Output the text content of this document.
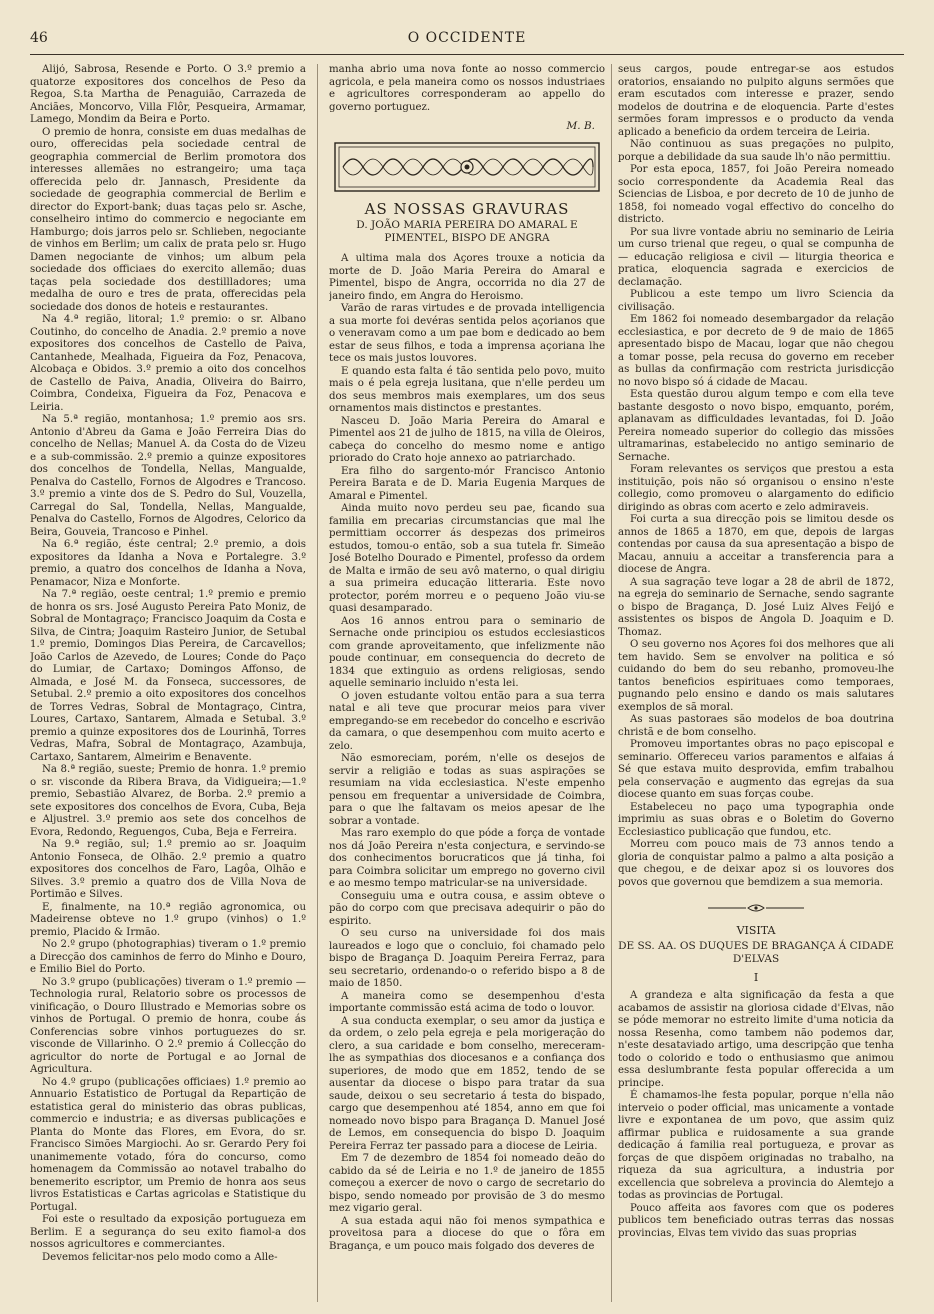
46	O OCCIDENTE

Alijó, Sabrosa, Resende e Porto. O 3.º premio a quatorze expositores dos concelhos de Peso da Regoa, S.ta Martha de Penaguião, Carrazeda de Anciães, Moncorvo, Villa Flôr, Pesqueira, Armamar, Lamego, Mondim da Beira e Porto.

O premio de honra, consiste em duas medalhas de ouro, offerecidas pela sociedade central de geographia commercial de Berlim promotora dos interesses allemães no estrangeiro; uma taça offerecida pelo dr. Jannasch, Presidente da sociedade de geographia commercial de Berlim e director do Export-bank; duas taças pelo sr. Asche, conselheiro intimo do commercio e negociante em Hamburgo; dois jarros pelo sr. Schlieben, negociante de vinhos em Berlim; um calix de prata pelo sr. Hugo Damen negociante de vinhos; um album pela sociedade dos officiaes do exercito allemão; duas taças pela sociedade dos destillladores; uma medalha de ouro e tres de prata, offerecidas pela sociedade dos donos de hoteis e restaurantes.

Na 4.ª região, litoral; 1.º premio: o sr. Albano Coutinho, do concelho de Anadia. 2.º premio a nove expositores dos concelhos de Castello de Paiva, Cantanhede, Mealhada, Figueira da Foz, Penacova, Alcobaça e Obidos. 3.º premio a oito dos concelhos de Castello de Paiva, Anadia, Oliveira do Bairro, Coimbra, Condeixa, Figueira da Foz, Penacova e Leiria.

Na 5.ª região, montanhosa; 1.º premio aos srs. Antonio d'Abreu da Gama e João Ferreira Dias do concelho de Nellas; Manuel A. da Costa do de Vizeu e a sub-commissão. 2.º premio a quinze expositores dos concelhos de Tondella, Nellas, Mangualde, Penalva do Castello, Fornos de Algodres e Trancoso. 3.º premio a vinte dos de S. Pedro do Sul, Vouzella, Carregal do Sal, Tondella, Nellas, Mangualde, Penalva do Castello, Fornos de Algodres, Celorico da Beira, Gouveia, Trancoso e Pinhel.

Na 6.ª região, éste central; 2.º premio, a dois expositores da Idanha a Nova e Portalegre. 3.º premio, a quatro dos concelhos de Idanha a Nova, Penamacor, Niza e Monforte.

Na 7.ª região, oeste central; 1.º premio e premio de honra os srs. José Augusto Pereira Pato Moniz, de Sobral de Montagraço; Francisco Joaquim da Costa e Silva, de Cintra; Joaquim Rasteiro Junior, de Setubal 1.º premio, Domingos Dias Pereira, de Carcavellos; João Carlos de Azevedo, de Loures; Conde do Paço do Lumiar, de Cartaxo; Domingos Affonso, de Almada, e José M. da Fonseca, successores, de Setubal. 2.º premio a oito expositores dos concelhos de Torres Vedras, Sobral de Montagraço, Cintra, Loures, Cartaxo, Santarem, Almada e Setubal. 3.º premio a quinze expositores dos de Lourinhã, Torres Vedras, Mafra, Sobral de Montagraço, Azambuja, Cartaxo, Santarem, Almeirim e Benavente.

Na 8.ª região, sueste; Premio de honra. 1.º premio o sr. visconde da Ribera Brava, da Vidigueira;—1.º premio, Sebastião Alvarez, de Borba. 2.º premio a sete expositores dos concelhos de Evora, Cuba, Beja e Aljustrel. 3.º premio aos sete dos concelhos de Evora, Redondo, Reguengos, Cuba, Beja e Ferreira.

Na 9.ª região, sul; 1.º premio ao sr. Joaquim Antonio Fonseca, de Olhão. 2.º premio a quatro expositores dos concelhos de Faro, Lagôa, Olhão e Silves. 3.º premio a quatro dos de Villa Nova de Portimão e Silves.

E, finalmente, na 10.ª região agronomica, ou Madeirense obteve no 1.º grupo (vinhos) o 1.º premio, Placido & Irmão.

No 2.º grupo (photographias) tiveram o 1.º premio a Direcção dos caminhos de ferro do Minho e Douro, e Emilio Biel do Porto.

No 3.º grupo (publicações) tiveram o 1.º premio — Technologia rural, Relatorio sobre os processos de vinificação, o Douro Illustrado e Memorias sobre os vinhos de Portugal. O premio de honra, coube ás Conferencias sobre vinhos portuguezes do sr. visconde de Villarinho. O 2.º premio á Collecção do agricultor do norte de Portugal e ao Jornal de Agricultura.

No 4.º grupo (publicações officiaes) 1.º premio ao Annuario Estatistico de Portugal da Repartição de estatistica geral do ministerio das obras publicas, commercio e industria; e as diversas publicações e Planta do Monte das Flores, em Evora, do sr. Francisco Simões Margiochi. Ao sr. Gerardo Pery foi unanimemente votado, fóra do concurso, como homenagem da Commissão ao notavel trabalho do benemerito escriptor, um Premio de honra aos seus livros Estatisticas e Cartas agricolas e Statistique du Portugal.

Foi este o resultado da exposição portugueza em Berlim. E a segurança do seu exito fiamol-a dos nossos agricultores e commerciantes.

Devemos felicitar-nos pelo modo como a Alle-

manha abrio uma nova fonte ao nosso commercio agricola, e pela maneira como os nossos industriaes e agricultores corresponderam ao appello do governo portuguez.

M. B.
AS NOSSAS GRAVURAS
D. JOÃO MARIA PEREIRA DO AMARAL E PIMENTEL, BISPO DE ANGRA

A ultima mala dos Açores trouxe a noticia da morte de D. João Maria Pereira do Amaral e Pimentel, bispo de Angra, occorrida no dia 27 de janeiro findo, em Angra do Heroismo.

Varão de raras virtudes e de provada intelligencia a sua morte foi devéras sentida pelos açorianos que o veneravam como a um pae bom e dedicado ao bem estar de seus filhos, e toda a imprensa açoriana lhe tece os mais justos louvores.

E quando esta falta é tão sentida pelo povo, muito mais o é pela egreja lusitana, que n'elle perdeu um dos seus membros mais exemplares, um dos seus ornamentos mais distinctos e prestantes.

Nasceu D. João Maria Pereira do Amaral e Pimentel aos 21 de julho de 1815, na villa de Oleiros, cabeça do concelho do mesmo nome e antigo priorado do Crato hoje annexo ao patriarchado.

Era filho do sargento-mór Francisco Antonio Pereira Barata e de D. Maria Eugenia Marques de Amaral e Pimentel.

Ainda muito novo perdeu seu pae, ficando sua familia em precarias circumstancias que mal lhe permittiam occorrer ás despezas dos primeiros estudos, tomou-o então, sob a sua tutela fr. Simeão José Botelho Dourado e Pimentel, professo da ordem de Malta e irmão de seu avô materno, o qual dirigiu a sua primeira educação litteraria. Este novo protector, porém morreu e o pequeno João viu-se quasi desamparado.

Aos 16 annos entrou para o seminario de Sernache onde principiou os estudos ecclesiasticos com grande aproveitamento, que infelizmente não poude continuar, em consequencia do decreto de 1834 que extinguio as ordens religiosas, sendo aquelle seminario incluido n'esta lei.

O joven estudante voltou então para a sua terra natal e ali teve que procurar meios para viver empregando-se em recebedor do concelho e escrivão da camara, o que desempenhou com muito acerto e zelo.

Não esmoreciam, porém, n'elle os desejos de servir a religião e todas as suas aspirações se resumiam na vida ecclesiastica. N'este empenho pensou em frequentar a universidade de Coimbra, para o que lhe faltavam os meios apesar de lhe sobrar a vontade.

Mas raro exemplo do que póde a força de vontade nos dá João Pereira n'esta conjectura, e servindo-se dos conhecimentos borucraticos que já tinha, foi para Coimbra solicitar um emprego no governo civil e ao mesmo tempo matricular-se na universidade.

Conseguiu uma e outra cousa, e assim obteve o pão do corpo com que precisava adequirir o pão do espirito.

O seu curso na universidade foi dos mais laureados e logo que o concluio, foi chamado pelo bispo de Bragança D. Joaquim Pereira Ferraz, para seu secretario, ordenando-o o referido bispo a 8 de maio de 1850.

A maneira como se desempenhou d'esta importante commissão está acima de todo o louvor.

A sua conducta exemplar, o seu amor da justiça e da ordem, o zelo pela egreja e pela morigeração do clero, a sua caridade e bom conselho, mereceram-lhe as sympathias dos diocesanos e a confiança dos superiores, de modo que em 1852, tendo de se ausentar da diocese o bispo para tratar da sua saude, deixou o seu secretario á testa do bispado, cargo que desempenhou até 1854, anno em que foi nomeado novo bispo para Bragança D. Manuel José de Lemos, em consequencia do bispo D. Joaquim Pereira Ferraz ter passado para a diocese de Leiria.

Em 7 de dezembro de 1854 foi nomeado deão do cabido da sé de Leiria e no 1.º de janeiro de 1855 começou a exercer de novo o cargo de secretario do bispo, sendo nomeado por provisão de 3 do mesmo mez vigario geral.

A sua estada aqui não foi menos sympathica e proveitosa para a diocese do que o fôra em Bragança, e um pouco mais folgado dos deveres de

seus cargos, poude entregar-se aos estudos oratorios, ensaiando no pulpito alguns sermões que eram escutados com interesse e prazer, sendo modelos de doutrina e de eloquencia. Parte d'estes sermões foram impressos e o producto da venda aplicado a beneficio da ordem terceira de Leiria.

Não continuou as suas pregações no pulpito, porque a debilidade da sua saude lh'o não permittiu.

Por esta epoca, 1857, foi João Pereira nomeado socio correspondente da Academia Real das Sciencias de Lisboa, e por decreto de 10 de junho de 1858, foi nomeado vogal effectivo do concelho do districto.

Por sua livre vontade abriu no seminario de Leiria um curso trienal que regeu, o qual se compunha de — educação religiosa e civil — liturgia theorica e pratica, eloquencia sagrada e exercicios de declamação.

Publicou a este tempo um livro Sciencia da civilisação.

Em 1862 foi nomeado desembargador da relação ecclesiastica, e por decreto de 9 de maio de 1865 apresentado bispo de Macau, logar que não chegou a tomar posse, pela recusa do governo em receber as bullas da confirmação com restricta jurisdicção no novo bispo só á cidade de Macau.

Esta questão durou algum tempo e com ella teve bastante desgosto o novo bispo, emquanto, porém, aplanavam as difficuldades levantadas, foi D. João Pereira nomeado superior do collegio das missões ultramarinas, estabelecido no antigo seminario de Sernache.

Foram relevantes os serviços que prestou a esta instituição, pois não só organisou o ensino n'este collegio, como promoveu o alargamento do edificio dirigindo as obras com acerto e zelo admiraveis.

Foi curta a sua direcção pois se limitou desde os annos de 1865 a 1870, em que, depois de largas contendas por causa da sua apresentação a bispo de Macau, annuiu a acceitar a transferencia para a diocese de Angra.

A sua sagração teve logar a 28 de abril de 1872, na egreja do seminario de Sernache, sendo sagrante o bispo de Bragança, D. José Luiz Alves Feijó e assistentes os bispos de Angola D. Joaquim e D. Thomaz.

O seu governo nos Açores foi dos melhores que ali tem havido. Sem se envolver na politica e só cuidando do bem do seu rebanho, promoveu-lhe tantos beneficios espirituaes como temporaes, pugnando pelo ensino e dando os mais salutares exemplos de sã moral.

As suas pastoraes são modelos de boa doutrina christã e de bom conselho.

Promoveu importantes obras no paço episcopal e seminario. Offereceu varios paramentos e alfaias á Sé que estava muito desprovida, emfim trabalhou pela conservação e augmento das egrejas da sua diocese quanto em suas forças coube.

Estabeleceu no paço uma typographia onde imprimiu as suas obras e o Boletim do Governo Ecclesiastico publicação que fundou, etc.

Morreu com pouco mais de 73 annos tendo a gloria de conquistar palmo a palmo a alta posição a que chegou, e de deixar apoz si os louvores dos povos que governou que bemdizem a sua memoria.

VISITA
DE SS. AA. OS DUQUES DE BRAGANÇA Á CIDADE D'ELVAS
I

A grandeza e alta significação da festa a que acabamos de assistir na gloriosa cidade d'Elvas, não se póde memorar no estreito limite d'uma noticia da nossa Resenha, como tambem não podemos dar, n'este desataviado artigo, uma descripção que tenha todo o colorido e todo o enthusiasmo que animou essa deslumbrante festa popular offerecida a um principe.

É chamamos-lhe festa popular, porque n'ella não interveio o poder official, mas unicamente a vontade livre e expontanea de um povo, que assim quiz affirmar publica e ruidosamente a sua grande dedicação á familia real portugueza, e provar as forças de que dispõem originadas no trabalho, na riqueza da sua agricultura, a industria por excellencia que sobreleva a provincia do Alemtejo a todas as provincias de Portugal.

Pouco affeita aos favores com que os poderes publicos tem beneficiado outras terras das nossas provincias, Elvas tem vivido das suas proprias
